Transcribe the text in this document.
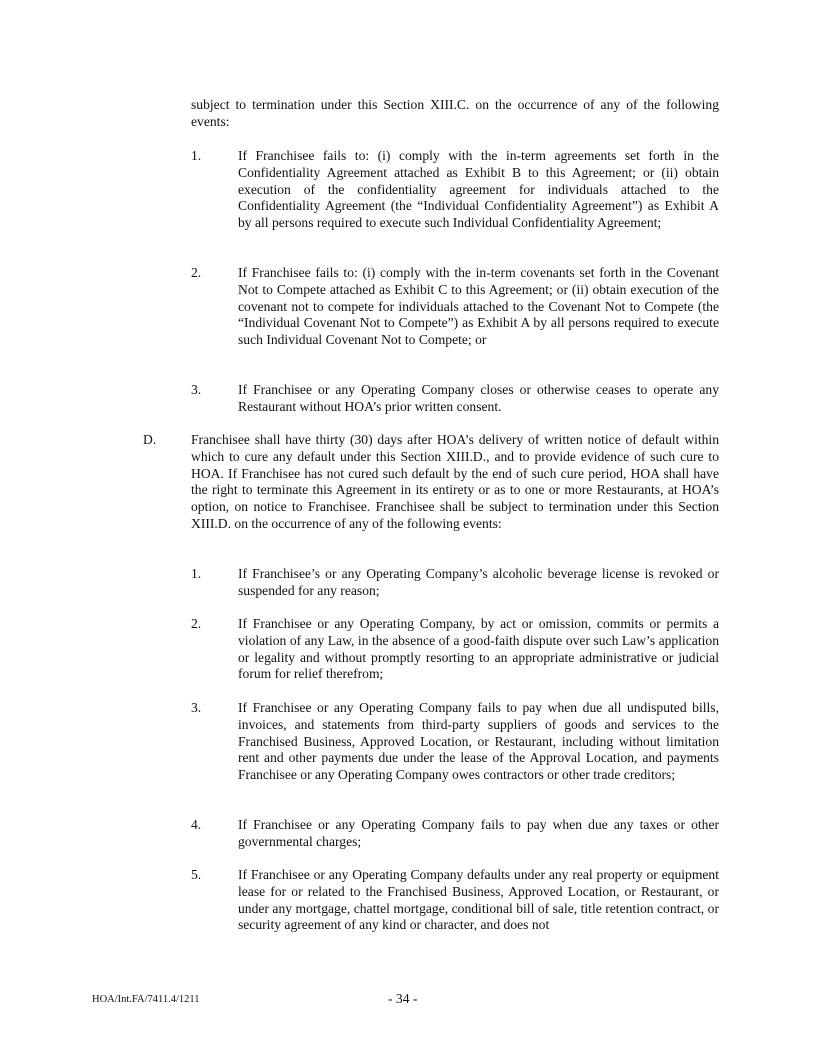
subject to termination under this Section XIII.C. on the occurrence of any of the following events:
1.	If Franchisee fails to: (i) comply with the in-term agreements set forth in the Confidentiality Agreement attached as Exhibit B to this Agreement; or (ii) obtain execution of the confidentiality agreement for individuals attached to the Confidentiality Agreement (the “Individual Confidentiality Agreement”) as Exhibit A by all persons required to execute such Individual Confidentiality Agreement;
2.	If Franchisee fails to: (i) comply with the in-term covenants set forth in the Covenant Not to Compete attached as Exhibit C to this Agreement; or (ii) obtain execution of the covenant not to compete for individuals attached to the Covenant Not to Compete (the “Individual Covenant Not to Compete”) as Exhibit A by all persons required to execute such Individual Covenant Not to Compete; or
3.	If Franchisee or any Operating Company closes or otherwise ceases to operate any Restaurant without HOA’s prior written consent.
D.	Franchisee shall have thirty (30) days after HOA’s delivery of written notice of default within which to cure any default under this Section XIII.D., and to provide evidence of such cure to HOA. If Franchisee has not cured such default by the end of such cure period, HOA shall have the right to terminate this Agreement in its entirety or as to one or more Restaurants, at HOA’s option, on notice to Franchisee. Franchisee shall be subject to termination under this Section XIII.D. on the occurrence of any of the following events:
1.	If Franchisee’s or any Operating Company’s alcoholic beverage license is revoked or suspended for any reason;
2.	If Franchisee or any Operating Company, by act or omission, commits or permits a violation of any Law, in the absence of a good-faith dispute over such Law’s application or legality and without promptly resorting to an appropriate administrative or judicial forum for relief therefrom;
3.	If Franchisee or any Operating Company fails to pay when due all undisputed bills, invoices, and statements from third-party suppliers of goods and services to the Franchised Business, Approved Location, or Restaurant, including without limitation rent and other payments due under the lease of the Approval Location, and payments Franchisee or any Operating Company owes contractors or other trade creditors;
4.	If Franchisee or any Operating Company fails to pay when due any taxes or other governmental charges;
5.	If Franchisee or any Operating Company defaults under any real property or equipment lease for or related to the Franchised Business, Approved Location, or Restaurant, or under any mortgage, chattel mortgage, conditional bill of sale, title retention contract, or security agreement of any kind or character, and does not
HOA/Int.FA/7411.4/1211	- 34 -
